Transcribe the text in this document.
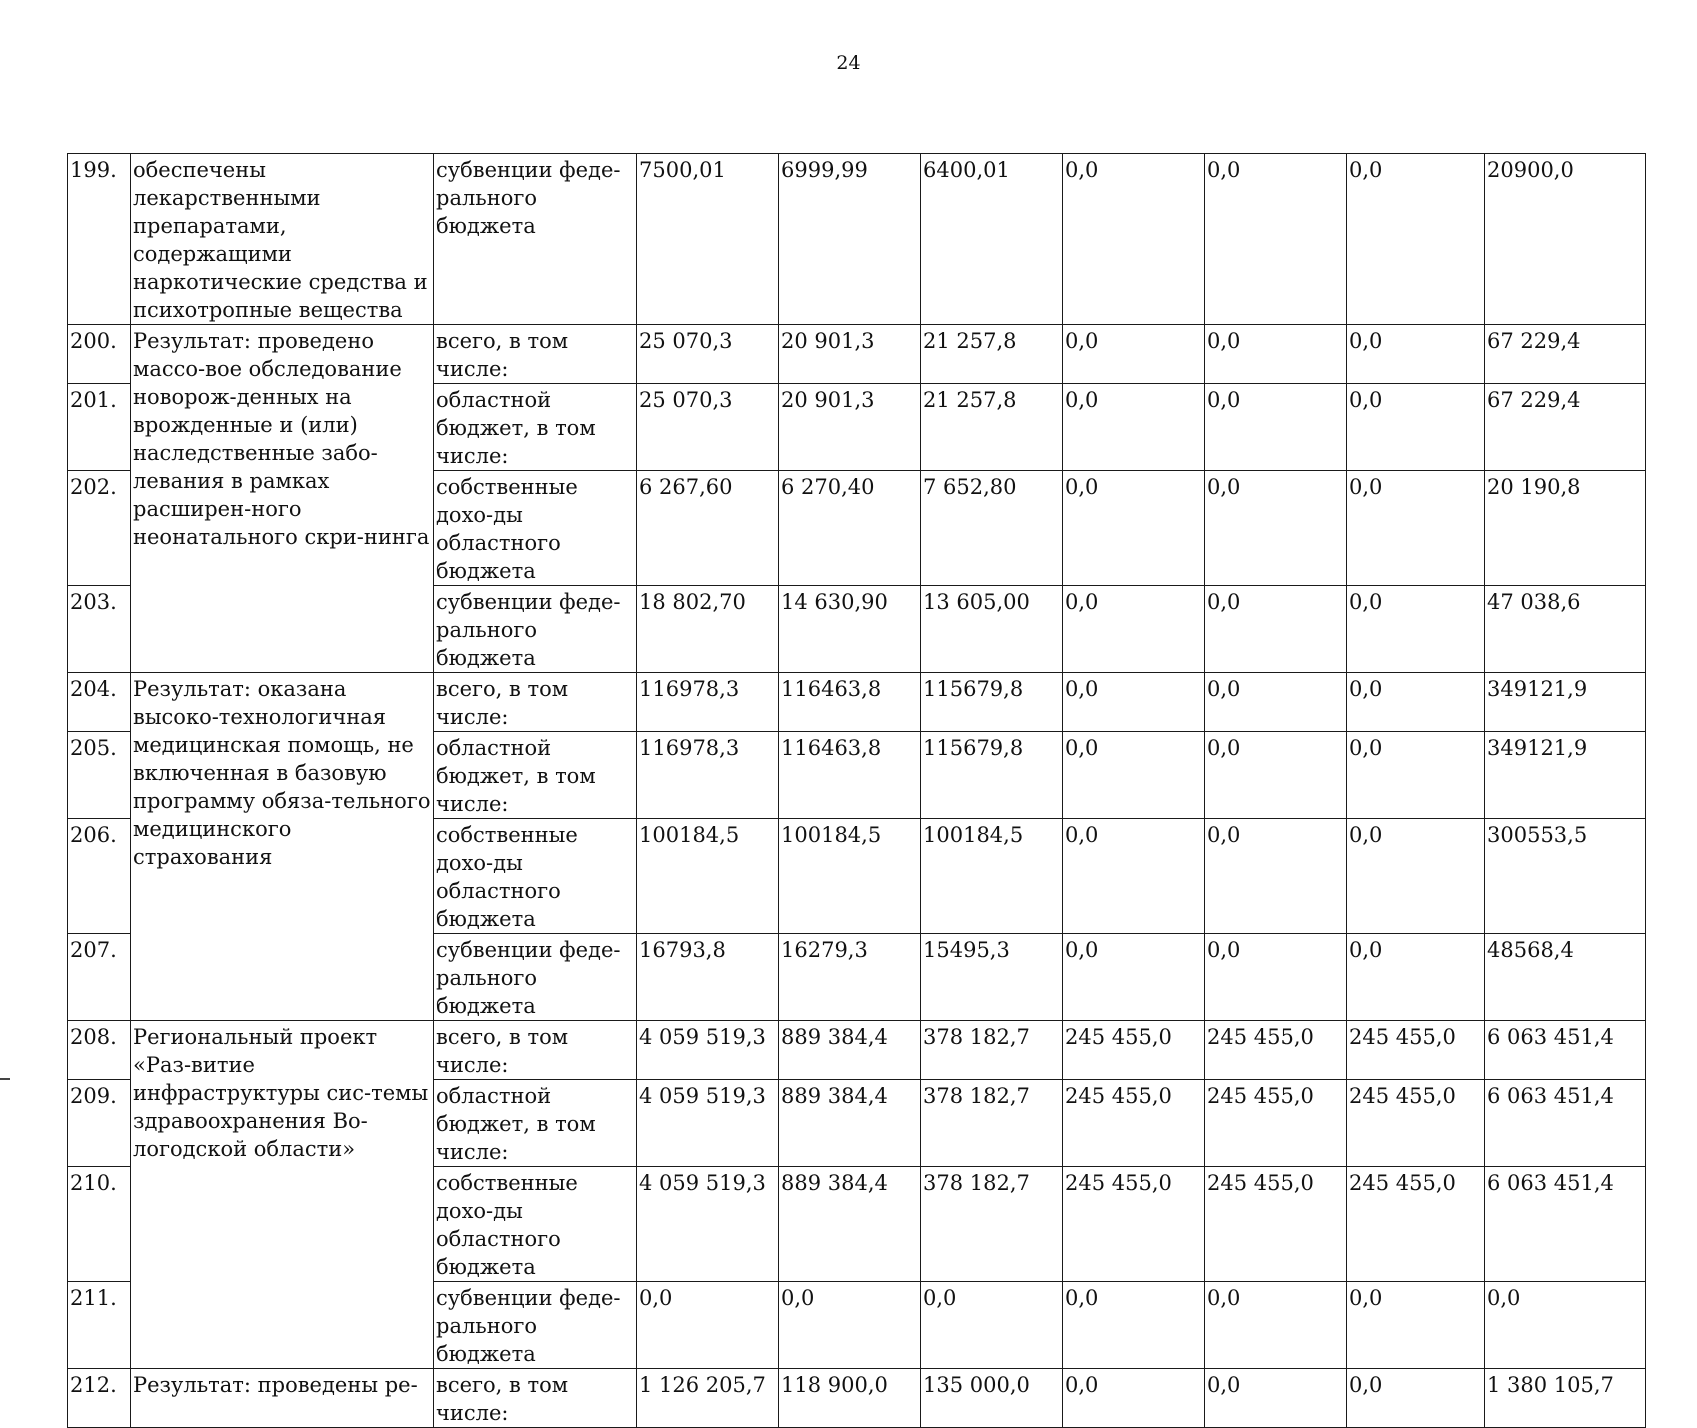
24
199.	обеспечены лекарственными препаратами, содержащими наркотические средства и психотропные вещества	субвенции феде-рального бюджета	7500,01	6999,99	6400,01	0,0	0,0	0,0	20900,0
200.	Результат: проведено массо-вое обследование новорож-денных на врожденные и (или) наследственные забо-левания в рамках расширен-ного неонатального скри-нинга	всего, в том числе:	25 070,3	20 901,3	21 257,8	0,0	0,0	0,0	67 229,4
201.		областной бюджет, в том числе:	25 070,3	20 901,3	21 257,8	0,0	0,0	0,0	67 229,4
202.		собственные дохо-ды областного бюджета	6 267,60	6 270,40	7 652,80	0,0	0,0	0,0	20 190,8
203.		субвенции феде-рального бюджета	18 802,70	14 630,90	13 605,00	0,0	0,0	0,0	47 038,6
204.	Результат: оказана высоко-технологичная медицинская помощь, не включенная в базовую программу обяза-тельного медицинского страхования	всего, в том числе:	116978,3	116463,8	115679,8	0,0	0,0	0,0	349121,9
205.		областной бюджет, в том числе:	116978,3	116463,8	115679,8	0,0	0,0	0,0	349121,9
206.		собственные дохо-ды областного бюджета	100184,5	100184,5	100184,5	0,0	0,0	0,0	300553,5
207.		субвенции феде-рального бюджета	16793,8	16279,3	15495,3	0,0	0,0	0,0	48568,4
208.	Региональный проект «Раз-витие инфраструктуры сис-темы здравоохранения Во-логодской области»	всего, в том числе:	4 059 519,3	889 384,4	378 182,7	245 455,0	245 455,0	245 455,0	6 063 451,4
209.		областной бюджет, в том числе:	4 059 519,3	889 384,4	378 182,7	245 455,0	245 455,0	245 455,0	6 063 451,4
210.		собственные дохо-ды областного бюджета	4 059 519,3	889 384,4	378 182,7	245 455,0	245 455,0	245 455,0	6 063 451,4
211.		субвенции феде-рального бюджета	0,0	0,0	0,0	0,0	0,0	0,0	0,0
212.	Результат: проведены ре-	всего, в том числе:	1 126 205,7	118 900,0	135 000,0	0,0	0,0	0,0	1 380 105,7
